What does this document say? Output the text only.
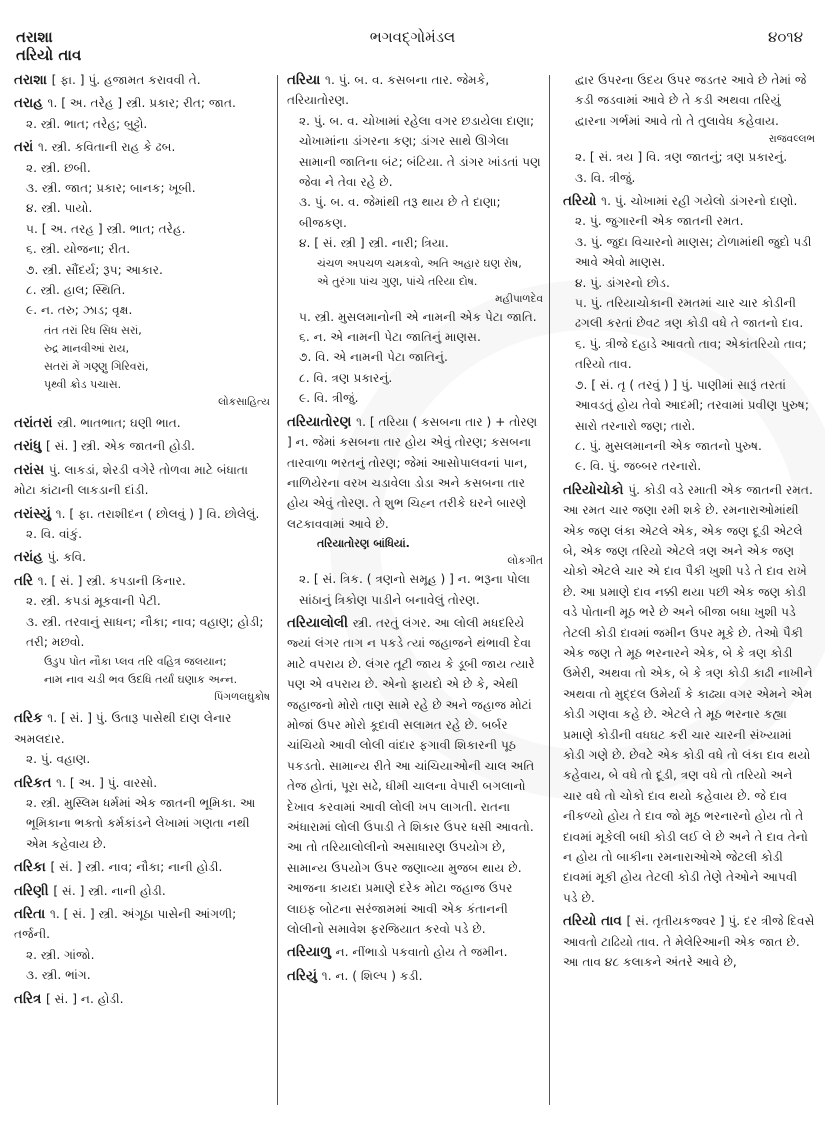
તરાશા
તરિયો તાવ
ભગવદ્ગોમંડલ	૪૦૧૪
તરાશા [ ફા. ] પું. હજામત કરાવવી તે.
તરાહ ૧. [ અ. તરેહ ] સ્ત્રી. પ્રકાર; રીત; જાત.
૨. સ્ત્રી. ભાત; તરેહ; બુટ્ટો.
તરાં ૧. સ્ત્રી. કવિતાની રાહ કે ઢબ.
૨. સ્ત્રી. છબી.
૩. સ્ત્રી. જાત; પ્રકાર; બાનક; ખૂબી.
૪. સ્ત્રી. પાયો.
૫. [ અ. તરહ ] સ્ત્રી. ભાત; તરેહ.
૬. સ્ત્રી. યોજના; રીત.
૭. સ્ત્રી. સૌંદર્ય; રૂપ; આકાર.
૮. સ્ત્રી. હાલ; સ્થિતિ.
૯. ન. તરુ; ઝાડ; વૃક્ષ.
તંત તરાં રિધ સિધ સરાં,
રુદ્ર માનવીઆં રાય,
સતરાં મેં ગણ્ણુ ગિરિવરાં,
પૃથ્વી ક્રોડ પચાસ.
લોકસાહિત્ય
તરાંતરાં સ્ત્રી. ભાતભાત; ઘણી ભાત.
તરાંધુ [ સં. ] સ્ત્રી. એક જાતની હોડી.
તરાંસ પું. લાકડાં, શેરડી વગેરે તોળવા માટે બંધાતા મોટા કાંટાની લાકડાની દાંડી.
તરાંસ્યું ૧. [ ફા. તરાશીદન ( છોલવું ) ] વિ. છોલેલું.
૨. વિ. વાંકું.
તરાંહ પું. કવિ.
તરિ ૧. [ સં. ] સ્ત્રી. કપડાની કિનાર.
૨. સ્ત્રી. કપડાં મૂકવાની પેટી.
૩. સ્ત્રી. તરવાનું સાધન; નૌકા; નાવ; વહાણ; હોડી; તરી; મછવો.
ઉડુપ પોત નૌકા પ્લવ તરિ વહિત્ર જલયાન;
નામ નાવ ચડી ભવ ઉદધિ તર્યાં ઘણાક અન્ન.
પિંગળલઘુકોષ
તરિક ૧. [ સં. ] પું. ઉતારૂ પાસેથી દાણ લેનાર અમલદાર.
૨. પું. વહાણ.
તરિકત ૧. [ અ. ] પું. વારસો.
૨. સ્ત્રી. મુસ્લિમ ધર્મમાં એક જાતની ભૂમિકા. આ ભૂમિકાના ભક્તો કર્મકાંડને લેખામાં ગણતા નથી એમ કહેવાય છે.
તરિકા [ સં. ] સ્ત્રી. નાવ; નૌકા; નાની હોડી.
તરિણી [ સં. ] સ્ત્રી. નાની હોડી.
તરિતા ૧. [ સં. ] સ્ત્રી. અંગૂઠા પાસેની આંગળી; તર્જની.
૨. સ્ત્રી. ગાંજો.
૩. સ્ત્રી. ભાંગ.
તરિત્ર [ સં. ] ન. હોડી.
તરિયા ૧. પું. બ. વ. કસબના તાર. જેમકે, તરિયાતોરણ.
૨. પું. બ. વ. ચોખામાં રહેલા વગર છડાયેલા દાણા; ચોખામાંના ડાંગરના કણ; ડાંગર સાથે ઊગેલા સામાની જાતિના બંટ; બંટિયા. તે ડાંગર ખાંડતાં પણ જેવા ને તેવા રહે છે.
૩. પું. બ. વ. જેમાંથી તરૂ થાય છે તે દાણા; બીજકણ.
૪. [ સં. સ્ત્રી ] સ્ત્રી. નારી; ત્રિયા.
ચંચળ અપચળ ચમકવો, અતિ અહાર ઘણ રોષ,
એ તુરંગા પાંચ ગુણ, પાંચે તરિયા દોષ.
મહીપાળદેવ
૫. સ્ત્રી. મુસલમાનોની એ નામની એક પેટા જાતિ.
૬. ન. એ નામની પેટા જાતિનું માણસ.
૭. વિ. એ નામની પેટા જાતિનું.
૮. વિ. ત્રણ પ્રકારનું.
૯. વિ. ત્રીજું.
તરિયાતોરણ ૧. [ તરિયા ( કસબના તાર ) + તોરણ ] ન. જેમાં કસબના તાર હોય એવું તોરણ; કસબના તારવાળા ભરતનું તોરણ; જેમાં આસોપાલવનાં પાન, નાળિયેરના વરખ ચડાવેલા ડોડા અને કસબના તાર હોય એવું તોરણ. તે શુભ ચિહ્ન તરીકે ઘરને બારણે લટકાવવામાં આવે છે.
તરિયાતોરણ બાંધિયાં.
લોકગીત
૨. [ સં. ત્રિક. ( ત્રણનો સમૂહ ) ] ન. ભરૂના પોલા સાંઠાનું ત્રિકોણ પાડીને બનાવેલું તોરણ.
તરિયાલોલી સ્ત્રી. તરતું લંગર. આ લોલી મધદરિયે જ્યાં લંગર તાગ ન પકડે ત્યાં જહાજને થંભાવી દેવા માટે વપરાય છે. લંગર તૂટી જાય કે ડૂબી જાય ત્યારે પણ એ વપરાય છે. એનો ફાયદો એ છે કે, એથી જહાજનો મોરો તાણ સામે રહે છે અને જહાજ મોટાં મોજાં ઉપર મોરો કૂદાવી સલામત રહે છે. બર્બર ચાંચિયો આવી લોલી વાંદાર ફગાવી શિકારની પૂઠ પકડતો. સામાન્ય રીતે આ ચાંચિયાઓની ચાલ અતિ તેજ હોતાં, પૂરા સઢે, ધીમી ચાલના વેપારી બગલાનો દેખાવ કરવામાં આવી લોલી ખપ લાગતી. રાતના અંધારામાં લોલી ઉપાડી તે શિકાર ઉપર ધસી આવતો. આ તો તરિયાલોલીનો અસાધારણ ઉપયોગ છે, સામાન્ય ઉપયોગ ઉપર જણાવ્યા મુજબ થાય છે. આજના કાયદા પ્રમાણે દરેક મોટા જહાજ ઉપર લાઇફ બોટના સરંજામમાં આવી એક કંતાનની લોલીનો સમાવેશ ફરજિયાત કરવો પડે છે.
તરિયાળુ ન. નીંભાડો પકવાતો હોય તે જમીન.
તરિયું ૧. ન. ( શિલ્પ ) કડી.
દ્વાર ઉપરના ઉદય ઉપર જડતર આવે છે તેમાં જે કડી જડવામાં આવે છે તે કડી અથવા તરિયું દ્વારના ગર્ભમાં આવે તો તે તુલાવેધ કહેવાય.
રાજવલ્લભ
૨. [ સં. ત્રય ] વિ. ત્રણ જાતનું; ત્રણ પ્રકારનું.
૩. વિ. ત્રીજું.
તરિયો ૧. પું. ચોખામાં રહી ગયેલો ડાંગરનો દાણો.
૨. પું. જુગારની એક જાતની રમત.
૩. પું. જુદા વિચારનો માણસ; ટોળામાંથી જુદો પડી આવે એવો માણસ.
૪. પું. ડાંગરનો છોડ.
૫. પું. તરિયાચોકાની રમતમાં ચાર ચાર કોડીની ઢગલી કરતાં છેવટ ત્રણ કોડી વધે તે જાતનો દાવ.
૬. પું. ત્રીજે દહાડે આવતો તાવ; એકાંતરિયો તાવ; તરિયો તાવ.
૭. [ સં. તૃ ( તરવું ) ] પું. પાણીમાં સારૂં તરતાં આવડતું હોય તેવો આદમી; તરવામાં પ્રવીણ પુરુષ; સારો તરનારો જણ; તારો.
૮. પું. મુસલમાનની એક જાતનો પુરુષ.
૯. વિ. પું. જબ્બર તરનારો.
તરિયોચોકો પું. કોડી વડે રમાતી એક જાતની રમત. આ રમત ચાર જણા રમી શકે છે. રમનારાઓમાંથી એક જણ લંકા એટલે એક, એક જણ દૂડી એટલે બે, એક જણ તરિયો એટલે ત્રણ અને એક જણ ચોકો એટલે ચાર એ દાવ પૈકી ખુશી પડે તે દાવ રાખે છે. આ પ્રમાણે દાવ નક્કી થયા પછી એક જણ કોડી વડે પોતાની મૂઠ ભરે છે અને બીજા બધા ખુશી પડે તેટલી કોડી દાવમાં જમીન ઉપર મૂકે છે. તેઓ પૈકી એક જણ તે મૂઠ ભરનારને એક, બે કે ત્રણ કોડી ઉમેરી, અથવા તો એક, બે કે ત્રણ કોડી કાઢી નાખીને અથવા તો મુદ્દલ ઉમેર્યા કે કાઢ્યા વગર એમને એમ કોડી ગણવા કહે છે. એટલે તે મૂઠ ભરનાર કહ્યા પ્રમાણે કોડીની વધઘટ કરી ચાર ચારની સંખ્યામાં કોડી ગણે છે. છેવટે એક કોડી વધે તો લંકા દાવ થયો કહેવાય, બે વધે તો દૂડી, ત્રણ વધે તો તરિયો અને ચાર વધે તો ચોકો દાવ થયો કહેવાય છે. જે દાવ નીકળ્યો હોય તે દાવ જો મૂઠ ભરનારનો હોય તો તે દાવમાં મૂકેલી બધી કોડી લઈ લે છે અને તે દાવ તેનો ન હોય તો બાકીના રમનારાઓએ જેટલી કોડી દાવમાં મૂકી હોય તેટલી કોડી તેણે તેઓને આપવી પડે છે.
તરિયો તાવ [ સં. તૃતીયકજ્વર ] પું. દર ત્રીજે દિવસે આવતો ટાઢિયો તાવ. તે મેલેરિઆની એક જાત છે. આ તાવ ૪૮ કલાકને અંતરે આવે છે,
